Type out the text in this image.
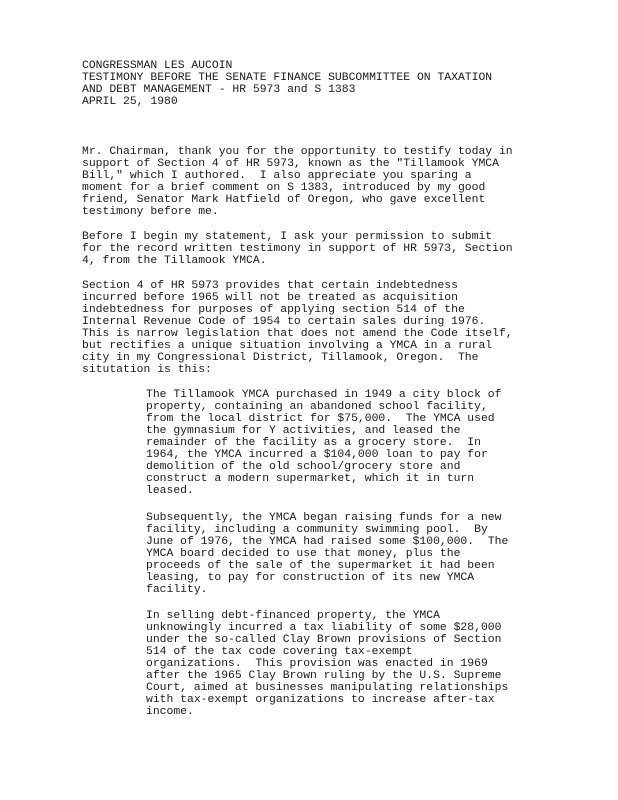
CONGRESSMAN LES AUCOIN

TESTIMONY BEFORE THE SENATE FINANCE SUBCOMMITTEE ON TAXATION

AND DEBT MANAGEMENT - HR 5973 and S 1383

APRIL 25, 1980

Mr. Chairman, thank you for the opportunity to testify today in

support of Section 4 of HR 5973, known as the "Tillamook YMCA

Bill," which I authored.  I also appreciate you sparing a

moment for a brief comment on S 1383, introduced by my good

friend, Senator Mark Hatfield of Oregon, who gave excellent

testimony before me.

Before I begin my statement, I ask your permission to submit

for the record written testimony in support of HR 5973, Section

4, from the Tillamook YMCA.

Section 4 of HR 5973 provides that certain indebtedness

incurred before 1965 will not be treated as acquisition

indebtedness for purposes of applying section 514 of the

Internal Revenue Code of 1954 to certain sales during 1976.

This is narrow legislation that does not amend the Code itself,

but rectifies a unique situation involving a YMCA in a rural

city in my Congressional District, Tillamook, Oregon.  The

situtation is this:

The Tillamook YMCA purchased in 1949 a city block of

property, containing an abandoned school facility,

from the local district for $75,000.  The YMCA used

the gymnasium for Y activities, and leased the

remainder of the facility as a grocery store.  In

1964, the YMCA incurred a $104,000 loan to pay for

demolition of the old school/grocery store and

construct a modern supermarket, which it in turn

leased.

Subsequently, the YMCA began raising funds for a new

facility, including a community swimming pool.  By

June of 1976, the YMCA had raised some $100,000.  The

YMCA board decided to use that money, plus the

proceeds of the sale of the supermarket it had been

leasing, to pay for construction of its new YMCA

facility.

In selling debt-financed property, the YMCA

unknowingly incurred a tax liability of some $28,000

under the so-called Clay Brown provisions of Section

514 of the tax code covering tax-exempt

organizations.  This provision was enacted in 1969

after the 1965 Clay Brown ruling by the U.S. Supreme

Court, aimed at businesses manipulating relationships

with tax-exempt organizations to increase after-tax

income.
